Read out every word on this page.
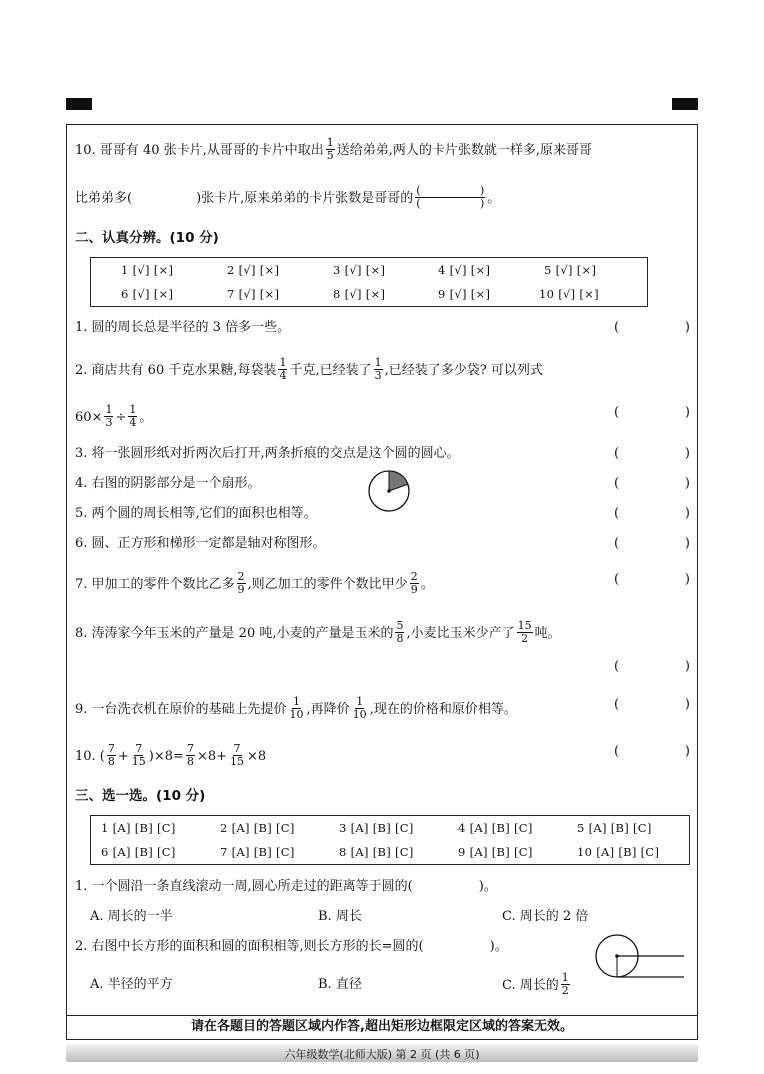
10. 哥哥有 40 张卡片,从哥哥的卡片中取出 $\frac{1}{5}$ 送给弟弟,两人的卡片张数就一样多,原来哥哥
比弟弟多(	)张卡片,原来弟弟的卡片张数是哥哥的 (	)
(	) 。
二、认真分辨。(10 分)
1 [√] [×]	2 [√] [×]	3 [√] [×]	4 [√] [×]	5 [√] [×]
6 [√] [×]	7 [√] [×]	8 [√] [×]	9 [√] [×]	10 [√] [×]
1. 圆的周长总是半径的 3 倍多一些。
2. 商店共有 60 千克水果糖,每袋装 $\frac{1}{4}$ 千克,已经装了 $\frac{1}{3}$ ,已经装了多少袋? 可以列式
$60\times \frac{1}{3} \div \frac{1}{4}$ 。
3. 将一张圆形纸对折两次后打开,两条折痕的交点是这个圆的圆心。
4. 右图的阴影部分是一个扇形。
5. 两个圆的周长相等,它们的面积也相等。
6. 圆、正方形和梯形一定都是轴对称图形。
7. 甲加工的零件个数比乙多 $\frac{2}{9}$ ,则乙加工的零件个数比甲少 $\frac{2}{9}$ 。
8. 涛涛家今年玉米的产量是 20 吨,小麦的产量是玉米的 $\frac{5}{8}$ ,小麦比玉米少产了 $\frac{15}{2}$ 吨。
9. 一台洗衣机在原价的基础上先提价 $\frac{1}{10}$ ,再降价 $\frac{1}{10}$ ,现在的价格和原价相等。
10. ( $\frac{7}{8} + \frac{7}{15} )\times 8= \frac{7}{8} \times 8+ \frac{7}{15} \times 8$
(	)
(	)
(	)
(	)
(	)
(	)
(	)
(	)
(	)
(	)
三、选一选。(10 分)
1 [A] [B] [C]	2 [A] [B] [C]	3 [A] [B] [C]	4 [A] [B] [C]	5 [A] [B] [C]
6 [A] [B] [C]	7 [A] [B] [C]	8 [A] [B] [C]	9 [A] [B] [C]	10 [A] [B] [C]
1. 一个圆沿一条直线滚动一周,圆心所走过的距离等于圆的(	)。
A. 周长的一半	B. 周长	C. 周长的 2 倍
2. 右图中长方形的面积和圆的面积相等,则长方形的长=圆的(	)。
A. 半径的平方	B. 直径	C. 周长的 $\frac{1}{2}$
请在各题目的答题区域内作答,超出矩形边框限定区域的答案无效。
六年级数学(北师大版) 第 2 页 (共 6 页)
